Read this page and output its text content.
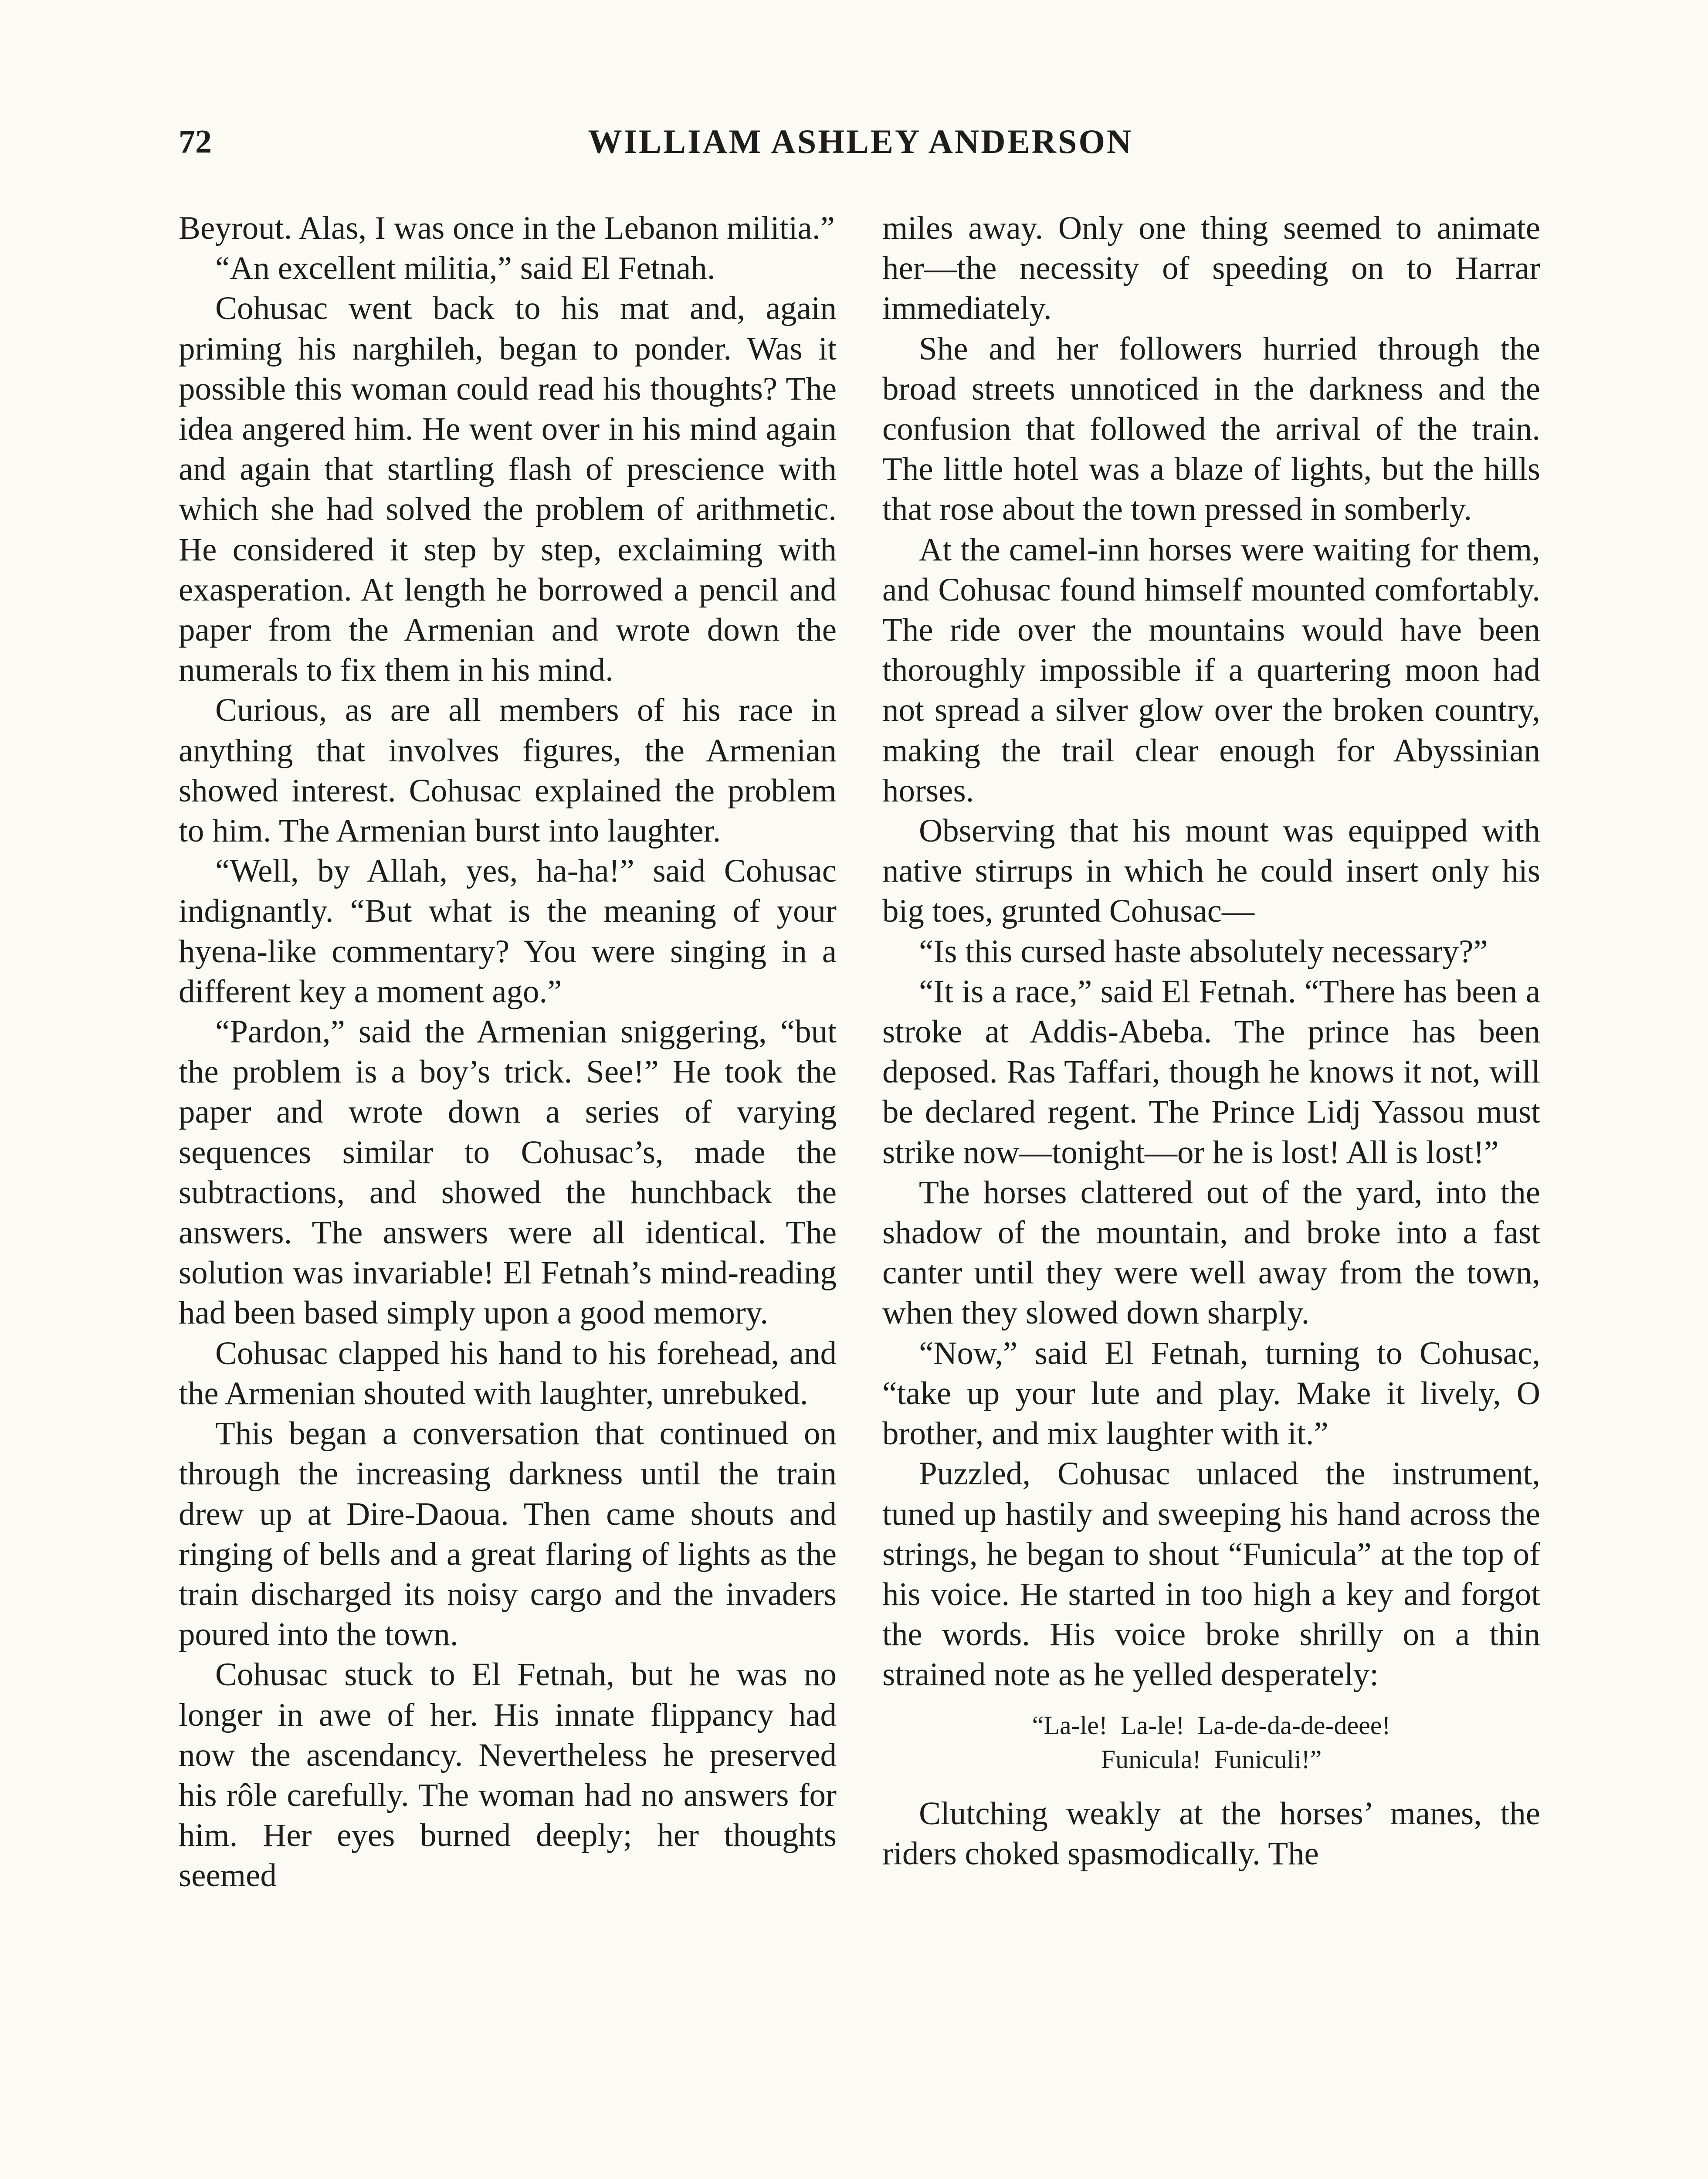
72	WILLIAM ASHLEY ANDERSON

Beyrout. Alas, I was once in the Lebanon militia.”

“An excellent militia,” said El Fetnah.

Cohusac went back to his mat and, again priming his narghileh, began to ponder. Was it possible this woman could read his thoughts? The idea angered him. He went over in his mind again and again that startling flash of prescience with which she had solved the problem of arithmetic. He considered it step by step, exclaiming with exasperation. At length he borrowed a pencil and paper from the Armenian and wrote down the numerals to fix them in his mind.

Curious, as are all members of his race in anything that involves figures, the Armenian showed interest. Cohusac explained the problem to him. The Armenian burst into laughter.

“Well, by Allah, yes, ha-ha!” said Cohusac indignantly. “But what is the meaning of your hyena-like commentary? You were singing in a different key a moment ago.”

“Pardon,” said the Armenian sniggering, “but the problem is a boy’s trick. See!” He took the paper and wrote down a series of varying sequences similar to Cohusac’s, made the subtractions, and showed the hunchback the answers. The answers were all identical. The solution was invariable! El Fetnah’s mind-reading had been based simply upon a good memory.

Cohusac clapped his hand to his forehead, and the Armenian shouted with laughter, unrebuked.

This began a conversation that continued on through the increasing darkness until the train drew up at Dire-Daoua. Then came shouts and ringing of bells and a great flaring of lights as the train discharged its noisy cargo and the invaders poured into the town.

Cohusac stuck to El Fetnah, but he was no longer in awe of her. His innate flippancy had now the ascendancy. Nevertheless he preserved his rôle carefully. The woman had no answers for him. Her eyes burned deeply; her thoughts seemed

miles away. Only one thing seemed to animate her—the necessity of speeding on to Harrar immediately.

She and her followers hurried through the broad streets unnoticed in the darkness and the confusion that followed the arrival of the train. The little hotel was a blaze of lights, but the hills that rose about the town pressed in somberly.

At the camel-inn horses were waiting for them, and Cohusac found himself mounted comfortably. The ride over the mountains would have been thoroughly impossible if a quartering moon had not spread a silver glow over the broken country, making the trail clear enough for Abyssinian horses.

Observing that his mount was equipped with native stirrups in which he could insert only his big toes, grunted Cohusac—

“Is this cursed haste absolutely necessary?”

“It is a race,” said El Fetnah. “There has been a stroke at Addis-Abeba. The prince has been deposed. Ras Taffari, though he knows it not, will be declared regent. The Prince Lidj Yassou must strike now—tonight—or he is lost! All is lost!”

The horses clattered out of the yard, into the shadow of the mountain, and broke into a fast canter until they were well away from the town, when they slowed down sharply.

“Now,” said El Fetnah, turning to Cohusac, “take up your lute and play. Make it lively, O brother, and mix laughter with it.”

Puzzled, Cohusac unlaced the instrument, tuned up hastily and sweeping his hand across the strings, he began to shout “Funicula” at the top of his voice. He started in too high a key and forgot the words. His voice broke shrilly on a thin strained note as he yelled desperately:

“La-le!  La-le!  La-de-da-de-deee!
Funicula!  Funiculi!”

Clutching weakly at the horses’ manes, the riders choked spasmodically. The
